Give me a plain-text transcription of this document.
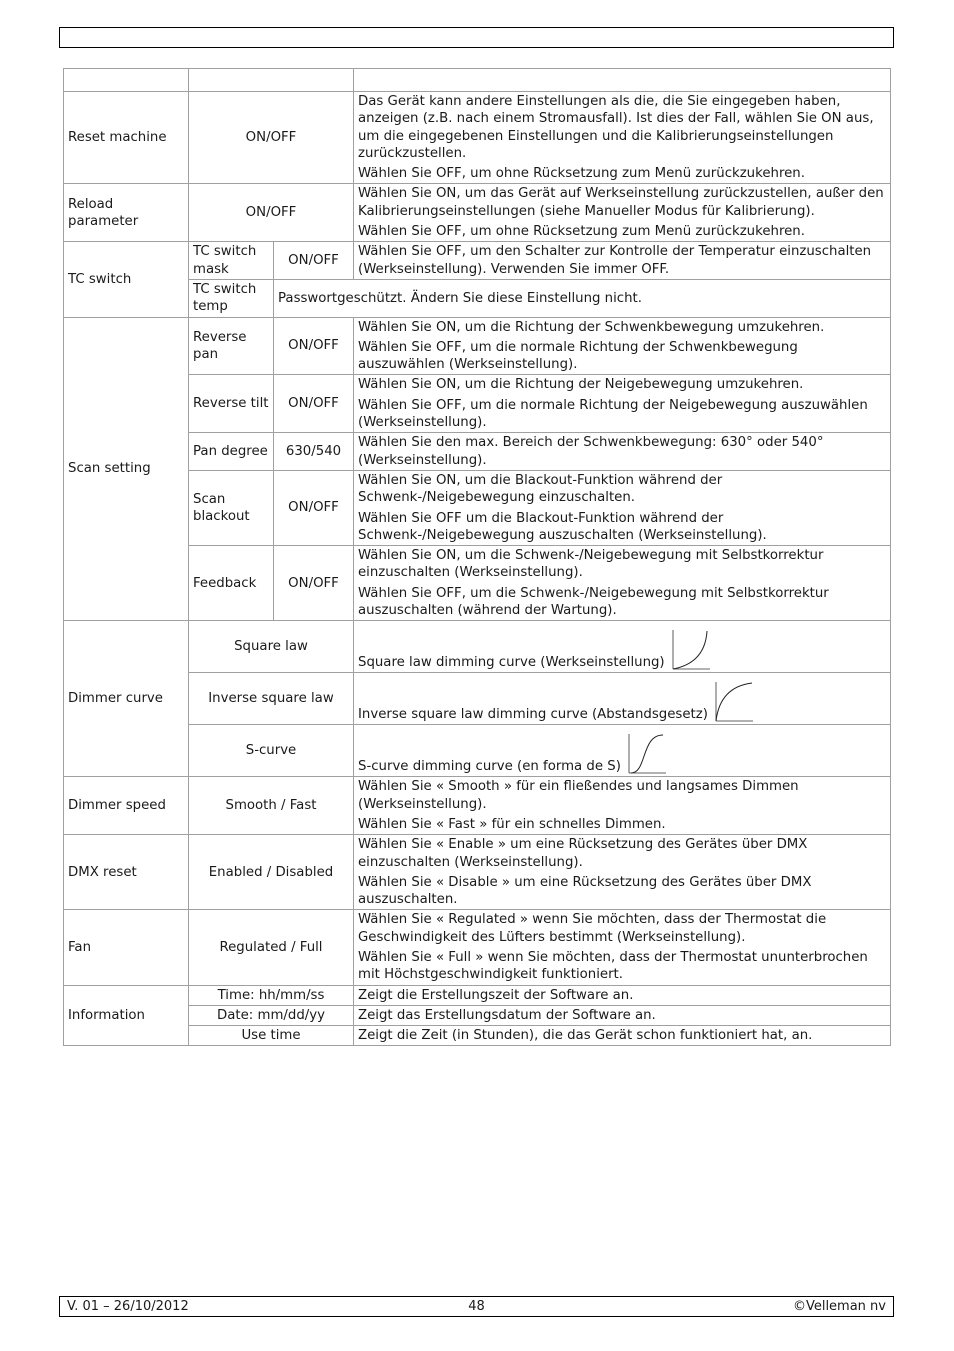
Reset machine	ON/OFF		Das Gerät kann andere Einstellungen als die, die Sie eingegeben haben, anzeigen (z.B. nach einem Stromausfall). Ist dies der Fall, wählen Sie ON aus, um die eingegebenen Einstellungen und die Kalibrierungseinstellungen zurückzustellen.

Wählen Sie OFF, um ohne Rücksetzung zum Menü zurückzukehren.

Reload parameter	ON/OFF		Wählen Sie ON, um das Gerät auf Werkseinstellung zurückzustellen, außer den Kalibrierungseinstellungen (siehe Manueller Modus für Kalibrierung).

Wählen Sie OFF, um ohne Rücksetzung zum Menü zurückzukehren.

TC switch	TC switch mask	ON/OFF	Wählen Sie OFF, um den Schalter zur Kontrolle der Temperatur einzuschalten (Werkseinstellung). Verwenden Sie immer OFF.

	TC switch temp	Passwortgeschützt. Ändern Sie diese Einstellung nicht.	

Scan setting	Reverse pan	ON/OFF	Wählen Sie ON, um die Richtung der Schwenkbewegung umzukehren.

Wählen Sie OFF, um die normale Richtung der Schwenkbewegung auszuwählen (Werkseinstellung).

	Reverse tilt	ON/OFF	Wählen Sie ON, um die Richtung der Neigebewegung umzukehren.

Wählen Sie OFF, um die normale Richtung der Neigebewegung auszuwählen (Werkseinstellung).

	Pan degree	630/540	Wählen Sie den max. Bereich der Schwenkbewegung: 630° oder 540° (Werkseinstellung).

	Scan blackout	ON/OFF	Wählen Sie ON, um die Blackout-Funktion während der Schwenk-/Neigebewegung einzuschalten.

Wählen Sie OFF um die Blackout-Funktion während der Schwenk-/Neigebewegung auszuschalten (Werkseinstellung).

	Feedback	ON/OFF	Wählen Sie ON, um die Schwenk-/Neigebewegung mit Selbstkorrektur einzuschalten (Werkseinstellung).

Wählen Sie OFF, um die Schwenk-/Neigebewegung mit Selbstkorrektur auszuschalten (während der Wartung).

Dimmer curve	Square law		Square law dimming curve (Werkseinstellung)

	Inverse square law		Inverse square law dimming curve (Abstandsgesetz)

	S-curve		S-curve dimming curve (en forma de S)

Dimmer speed	Smooth / Fast		Wählen Sie « Smooth » für ein fließendes und langsames Dimmen (Werkseinstellung).

Wählen Sie « Fast » für ein schnelles Dimmen.

DMX reset	Enabled / Disabled		Wählen Sie « Enable » um eine Rücksetzung des Gerätes über DMX einzuschalten (Werkseinstellung).

Wählen Sie « Disable » um eine Rücksetzung des Gerätes über DMX auszuschalten.

Fan	Regulated / Full		Wählen Sie « Regulated » wenn Sie möchten, dass der Thermostat die Geschwindigkeit des Lüfters bestimmt (Werkseinstellung).

Wählen Sie « Full » wenn Sie möchten, dass der Thermostat ununterbrochen mit Höchstgeschwindigkeit funktioniert.

Information	Time: hh/mm/ss		Zeigt die Erstellungszeit der Software an.
	Date: mm/dd/yy		Zeigt das Erstellungsdatum der Software an.
	Use time		Zeigt die Zeit (in Stunden), die das Gerät schon funktioniert hat, an.
V. 01 – 26/10/2012	48	©Velleman nv
